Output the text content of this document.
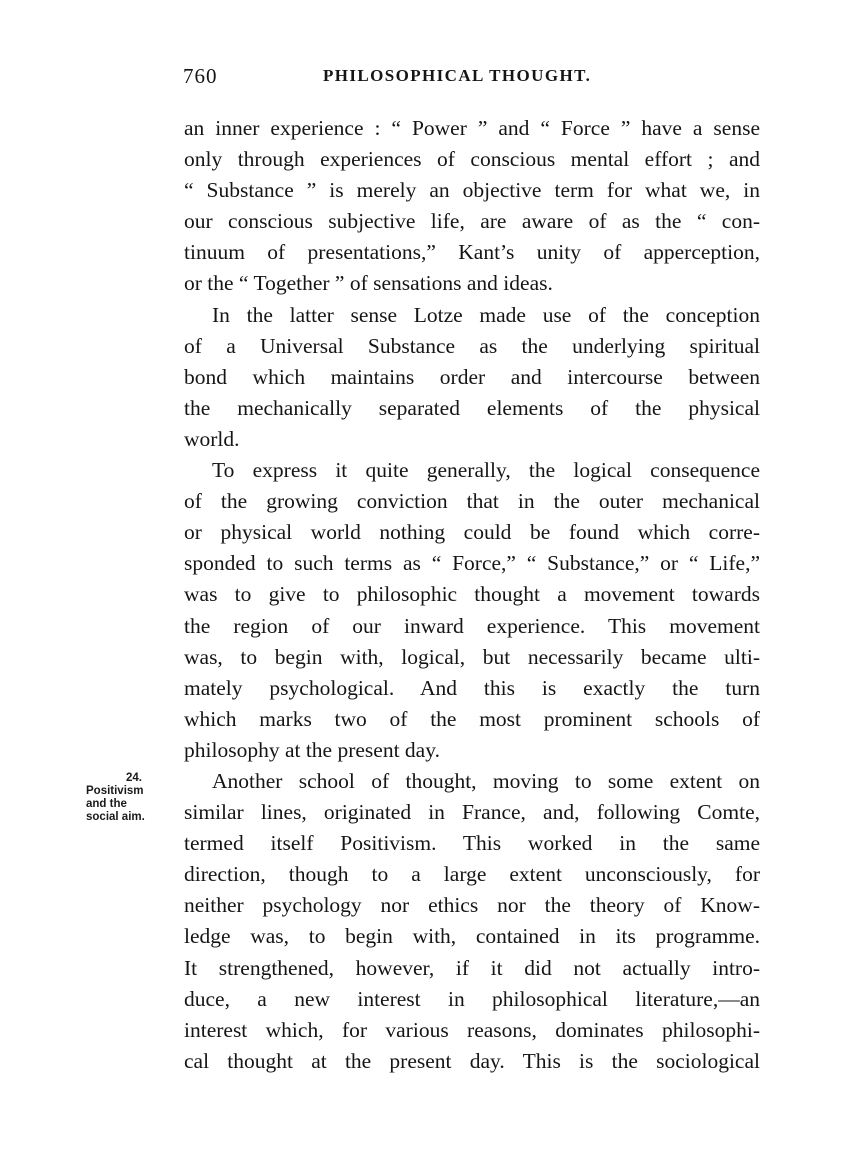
760	PHILOSOPHICAL THOUGHT.
24.
Positivism
and the
social aim.
an inner experience : “ Power ” and “ Force ” have a sense
only through experiences of conscious mental effort ; and
“ Substance ” is merely an objective term for what we, in
our conscious subjective life, are aware of as the “ con-
tinuum of presentations,” Kant’s unity of apperception,
or the “ Together ” of sensations and ideas.
In the latter sense Lotze made use of the conception
of a Universal Substance as the underlying spiritual
bond which maintains order and intercourse between
the mechanically separated elements of the physical
world.
To express it quite generally, the logical consequence
of the growing conviction that in the outer mechanical
or physical world nothing could be found which corre-
sponded to such terms as “ Force,” “ Substance,” or “ Life,”
was to give to philosophic thought a movement towards
the region of our inward experience. This movement
was, to begin with, logical, but necessarily became ulti-
mately psychological. And this is exactly the turn
which marks two of the most prominent schools of
philosophy at the present day.
Another school of thought, moving to some extent on
similar lines, originated in France, and, following Comte,
termed itself Positivism. This worked in the same
direction, though to a large extent unconsciously, for
neither psychology nor ethics nor the theory of Know-
ledge was, to begin with, contained in its programme.
It strengthened, however, if it did not actually intro-
duce, a new interest in philosophical literature,—an
interest which, for various reasons, dominates philosophi-
cal thought at the present day. This is the sociological
